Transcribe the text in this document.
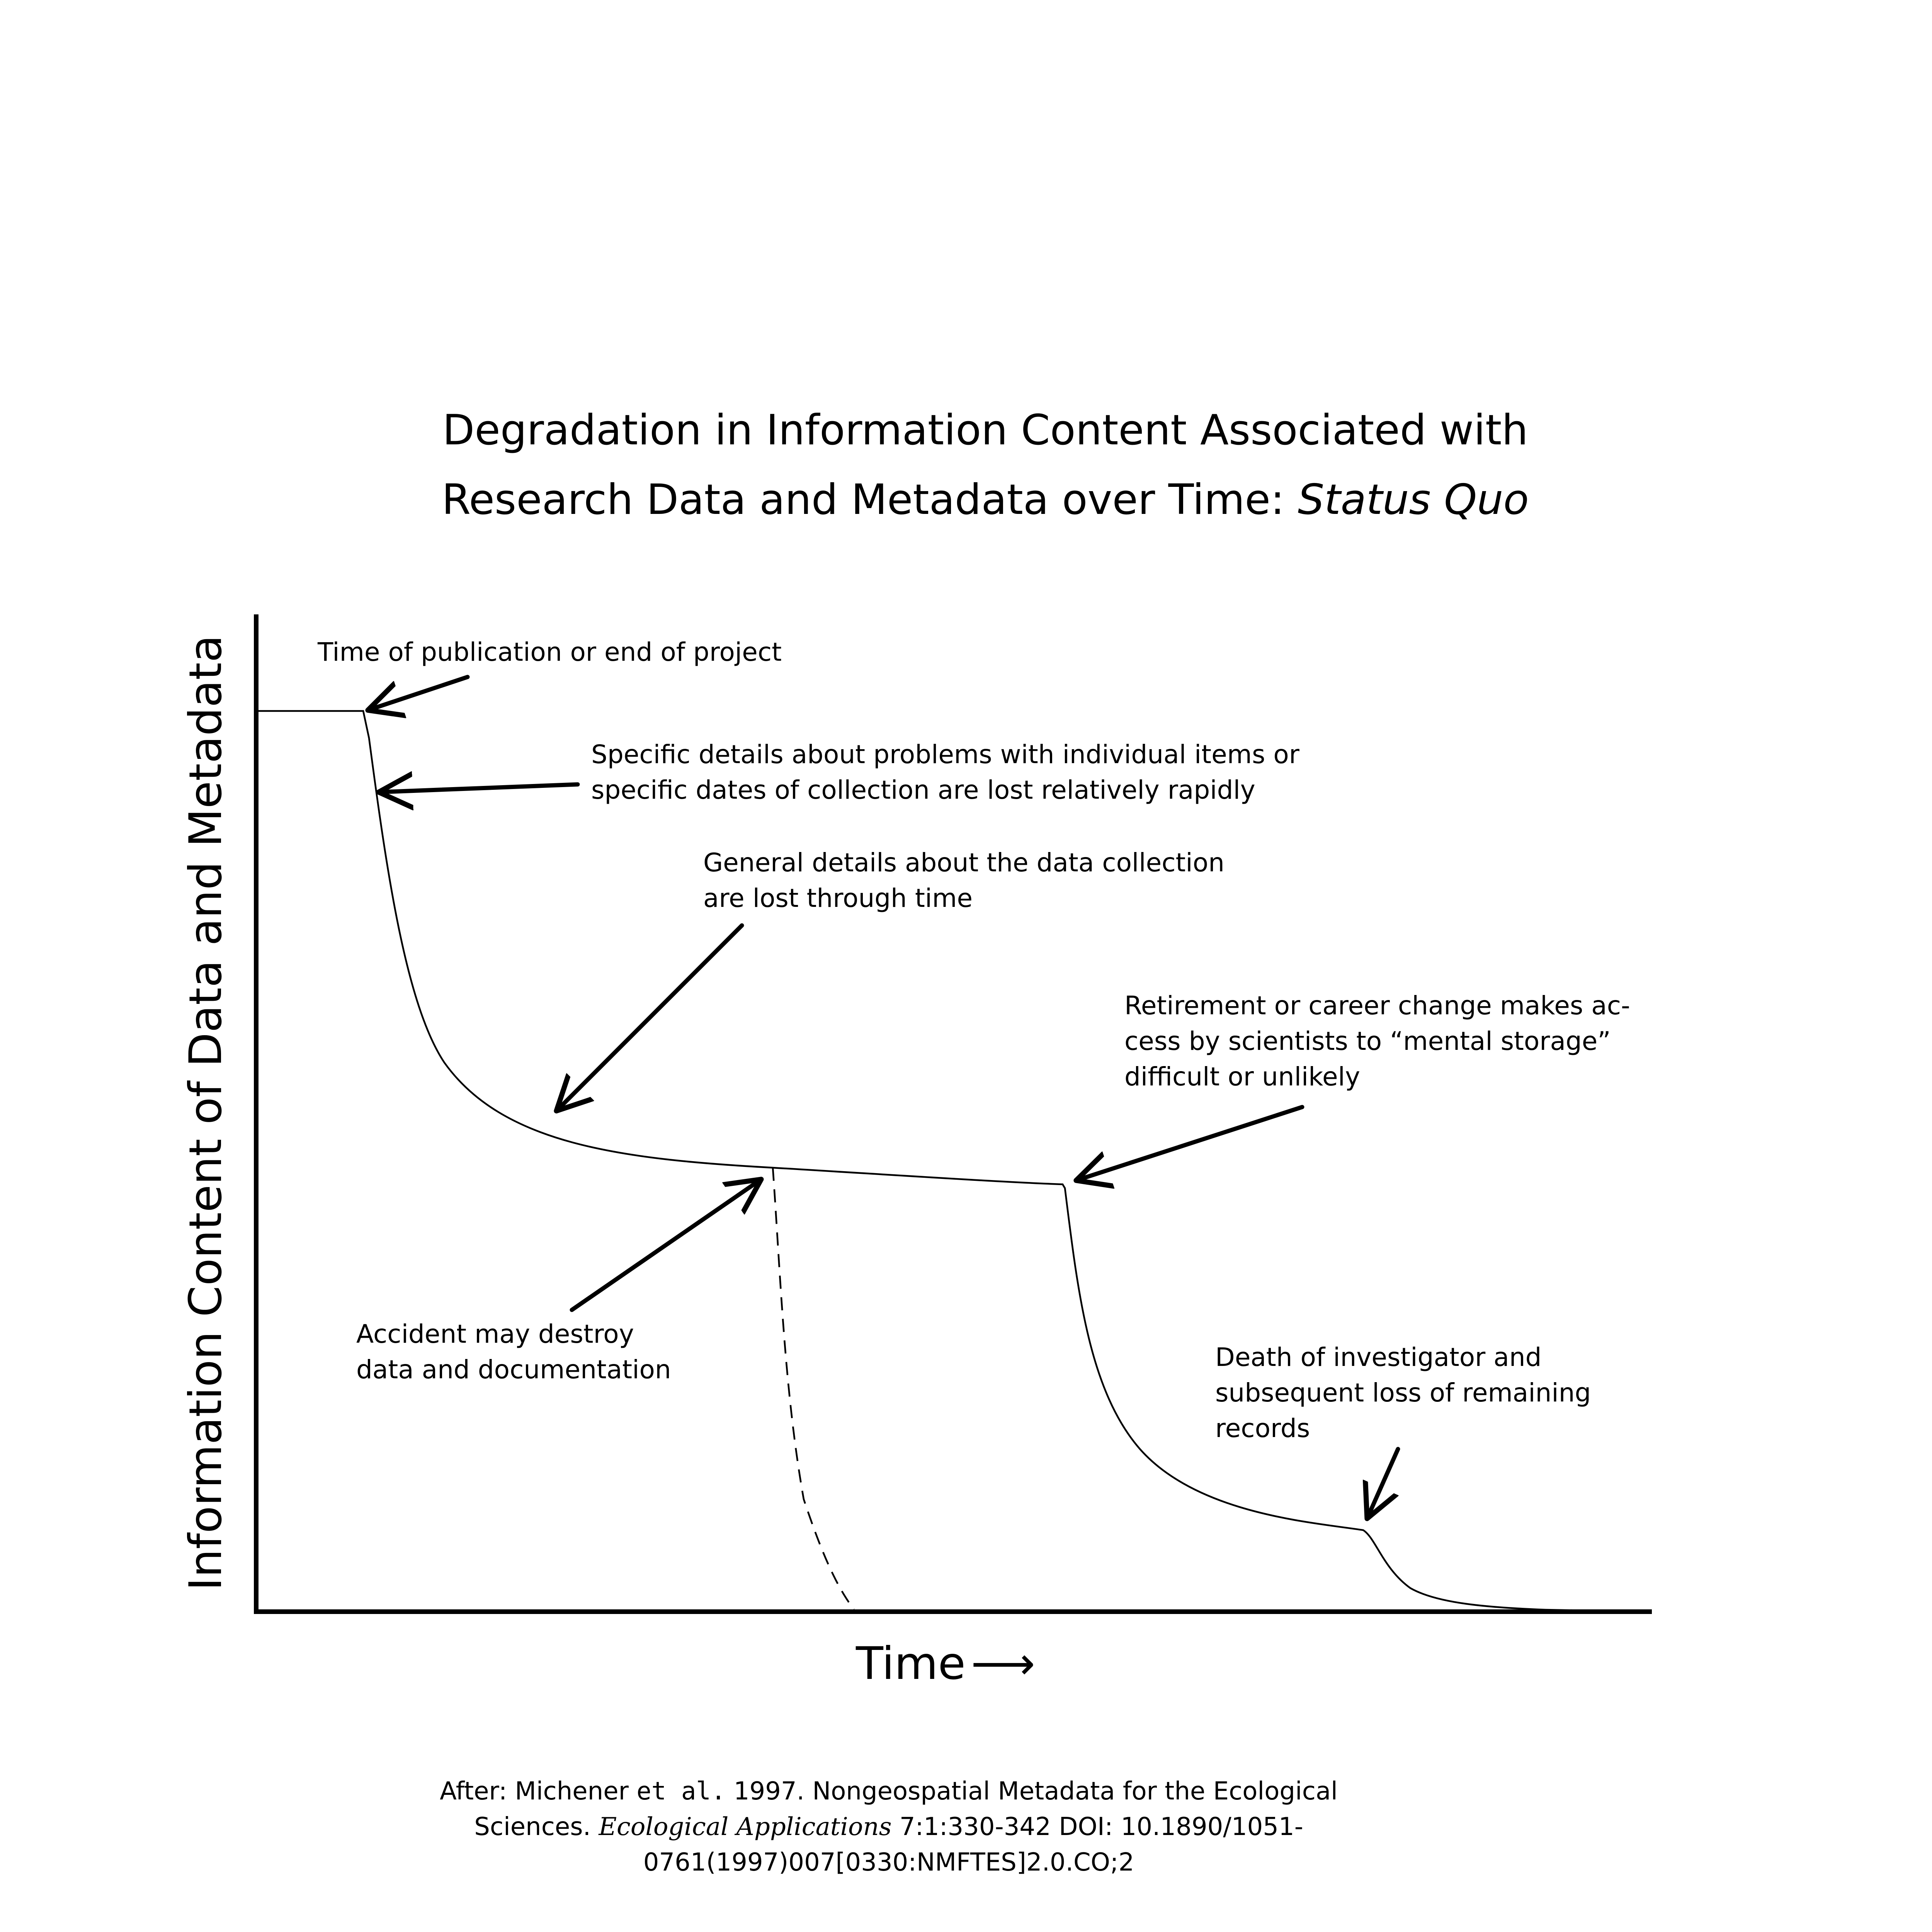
Degradation in Information Content Associated with
Research Data and Metadata over Time: Status Quo
Information Content of Data and Metadata
Time ⟶
Time of publication or end of project
Specific details about problems with individual items or specific dates of collection are lost relatively rapidly
General details about the data collection are lost through time
Retirement or career change makes ac- cess by scientists to “mental storage” difficult or unlikely
Accident may destroy data and documentation	Death of investigator and subsequent loss of remaining records
After: Michener et al. 1997. Nongeospatial Metadata for the Ecological Sciences. Ecological Applications 7:1:330-342 DOI: 10.1890/1051-0761(1997)007[0330:NMFTES]2.0.CO;2
